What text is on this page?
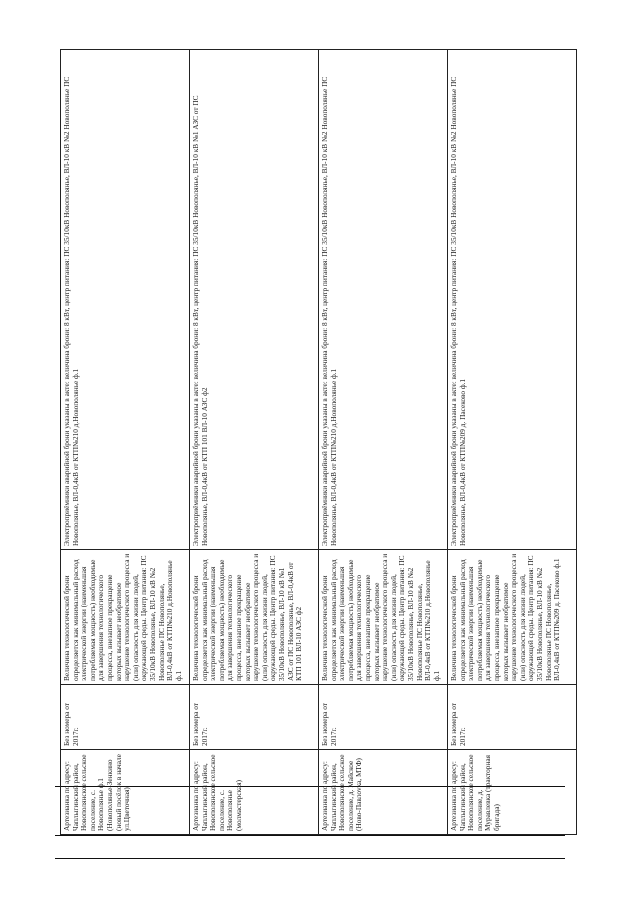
Артезианка по адресу: Чаплыгинский район, Новополянское сельское поселение, с. Новополянье ф.1 (Новополянье-Зенкино (новый посёлок в начале ул.Цветочная)	Без номера от 2017г.	Величина технологической брони определяется как минимальный расход электрической энергии (наименьшая потребляемая мощность) необходимые для завершения технологического процесса, внезапное прекращение которых вызывает необратимое нарушение технологического процесса и (или) опасность для жизни людей, окружающей среды. Центр питания: ПС 35/10кВ Новополянье, ВЛ-10 кВ №2 Новополянье ПС Новополянье, ВЛ-0,4кВ от КТП№210 д.Новополянье ф.1	Электроприёмники аварийной брони указаны в акте: величина брони: 8 кВт, центр питания: ПС 35/10кВ Новополянье, ВЛ-10 кВ №2 Новополянье ПС Новополянье, ВЛ-0,4кВ от КТП№210 д.Новополянье ф.1
Артезианка по адресу: Чаплыгинский район, Новополянское сельское поселение, с. Новополянье (молмастерская)	Без номера от 2017г.	Величина технологической брони определяется как минимальный расход электрической энергии (наименьшая потребляемая мощность) необходимые для завершения технологического процесса, внезапное прекращение которых вызывает необратимое нарушение технологического процесса и (или) опасность для жизни людей, окружающей среды. Центр питания: ПС 35/10кВ Новополянье, ВЛ-10 кВ №1 АЗС от ПС Новополянье, ВЛ-0,4кВ от КТП 101 ВЛ-10 АЗС ф2	Электроприёмники аварийной брони указаны в акте: величина брони: 8 кВт, центр питания: ПС 35/10кВ Новополянье, ВЛ-10 кВ №1 АЗС от ПС Новополянье, ВЛ-0,4кВ от КТП 101 ВЛ-10 АЗС ф2
Артезианка по адресу: Чаплыгинский район, Новополянское сельское поселение, д. Майское (Ново-Павлovка, МТФ)	Без номера от 2017г.	Величина технологической брони определяется как минимальный расход электрической энергии (наименьшая потребляемая мощность) необходимые для завершения технологического процесса, внезапное прекращение которых вызывает необратимое нарушение технологического процесса и (или) опасность для жизни людей, окружающей среды. Центр питания: ПС 35/10кВ Новополянье, ВЛ-10 кВ №2 Новополянье ПС Новополянье, ВЛ-0,4кВ от КТП№210 д.Новополянье ф.1	Электроприёмники аварийной брони указаны в акте: величина брони: 8 кВт, центр питания: ПС 35/10кВ Новополянье, ВЛ-10 кВ №2 Новополянье ПС Новополянье, ВЛ-0,4кВ от КТП№210 д.Новополянье ф.1
Артезианка по адресу: Чаплыгинский район, Новополянское сельское поселение, д. Муравлевка (тракторная бригада)	Без номера от 2017г.	Величина технологической брони определяется как минимальный расход электрической энергии (наименьшая потребляемая мощность) необходимые для завершения технологического процесса, внезапное прекращение которых вызывает необратимое нарушение технологического процесса и (или) опасность для жизни людей, окружающей среды. Центр питания: ПС 35/10кВ Новополянье, ВЛ-10 кВ №2 Новополянье ПС Новополянье, ВЛ-0,4кВ от КТП№209 д. Пасеково ф.1	Электроприёмники аварийной брони указаны в акте: величина брони: 8 кВт, центр питания: ПС 35/10кВ Новополянье, ВЛ-10 кВ №2 Новополянье ПС Новополянье, ВЛ-0,4кВ от КТП№209 д. Пасеково ф.1
